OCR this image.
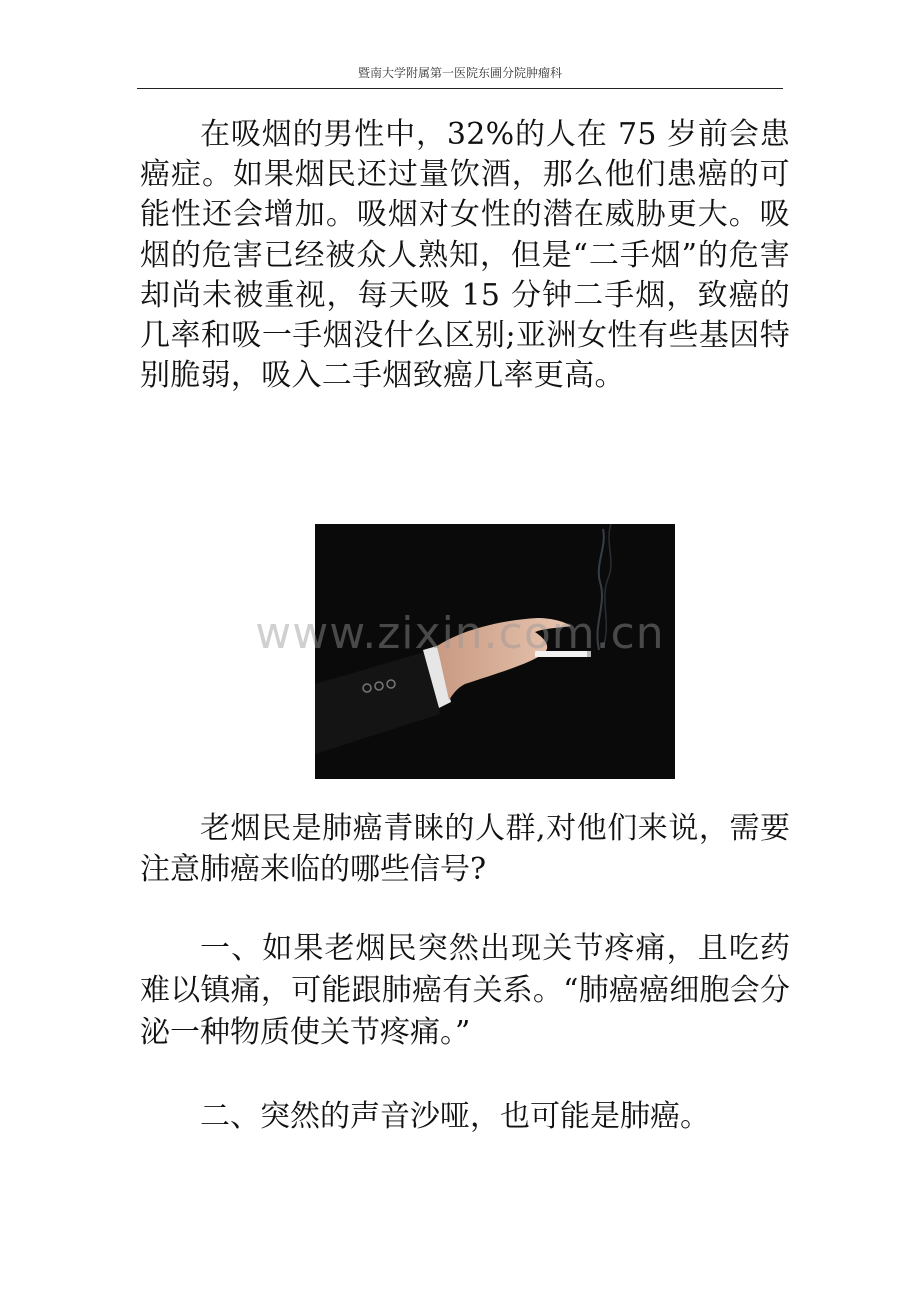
暨南大学附属第一医院东圃分院肿瘤科

在吸烟的男性中，32%的人在 75 岁前会患癌症。如果烟民还过量饮酒，那么他们患癌的可能性还会增加。吸烟对女性的潜在威胁更大。吸烟的危害已经被众人熟知，但是“二手烟”的危害却尚未被重视，每天吸 15 分钟二手烟，致癌的几率和吸一手烟没什么区别;亚洲女性有些基因特别脆弱，吸入二手烟致癌几率更高。

www.zixin.com.cn

老烟民是肺癌青睐的人群,对他们来说，需要注意肺癌来临的哪些信号?

一、如果老烟民突然出现关节疼痛，且吃药难以镇痛，可能跟肺癌有关系。“肺癌癌细胞会分泌一种物质使关节疼痛。”

二、突然的声音沙哑，也可能是肺癌。
